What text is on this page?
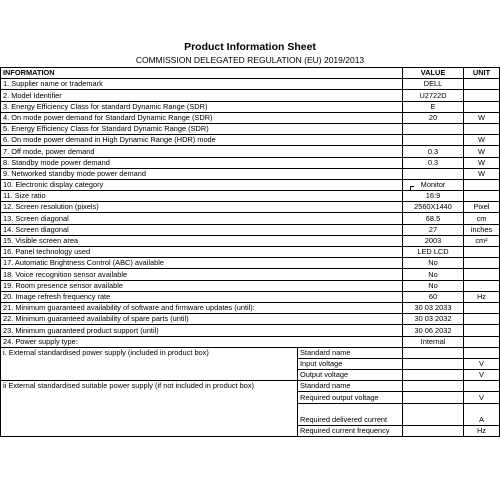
Product Information Sheet
COMMISSION DELEGATED REGULATION (EU) 2019/2013
INFORMATION		VALUE	UNIT
1. Supplier name or trademark		DELL	
2. Model Identifier		U2722D	
3. Energy Efficiency Class for standard Dynamic Range (SDR)		E	
4. On mode power demand for Standard Dynamic Range (SDR)		20	W
5. Energy Efficiency Class for Standard Dynamic Range (SDR)			
6. On mode power demand in High Dynamic Range (HDR) mode			W
7. Off mode, power demand		0.3	W
8. Standby mode power demand		0.3	W
9. Networked standby mode power demand			W
10. Electronic display category		Monitor	
11. Size ratio		16:9	
12. Screen resolution (pixels)		2560X1440	Pixel
13. Screen diagonal		68.5	cm
14. Screen diagonal		27	inches
15. Visible screen area		2003	cm²
16. Panel technology used		LED LCD	
17. Automatic Brightness Control (ABC) available		No	
18. Voice recognition sensor available		No	
19. Room presence sensor available		No	
20. Image refresh frequency rate		60	Hz
21. Minimum guaranteed availability of software and firmware updates (until):		30 03 2033	
22. Minimum guaranteed availability of spare parts (until)		30 03 2032	
23. Minimum guaranteed product support (until)		30 06 2032	
24. Power supply type:		Internal	
i. External standardised power supply (included in product box)	Standard name		
	Input voltage		V
	Output voltage		V
ii External standardised suitable power supply (if not included in product box)	Standard name		
	Required output voltage		V
	Required delivered current		A
	Required current frequency		Hz
